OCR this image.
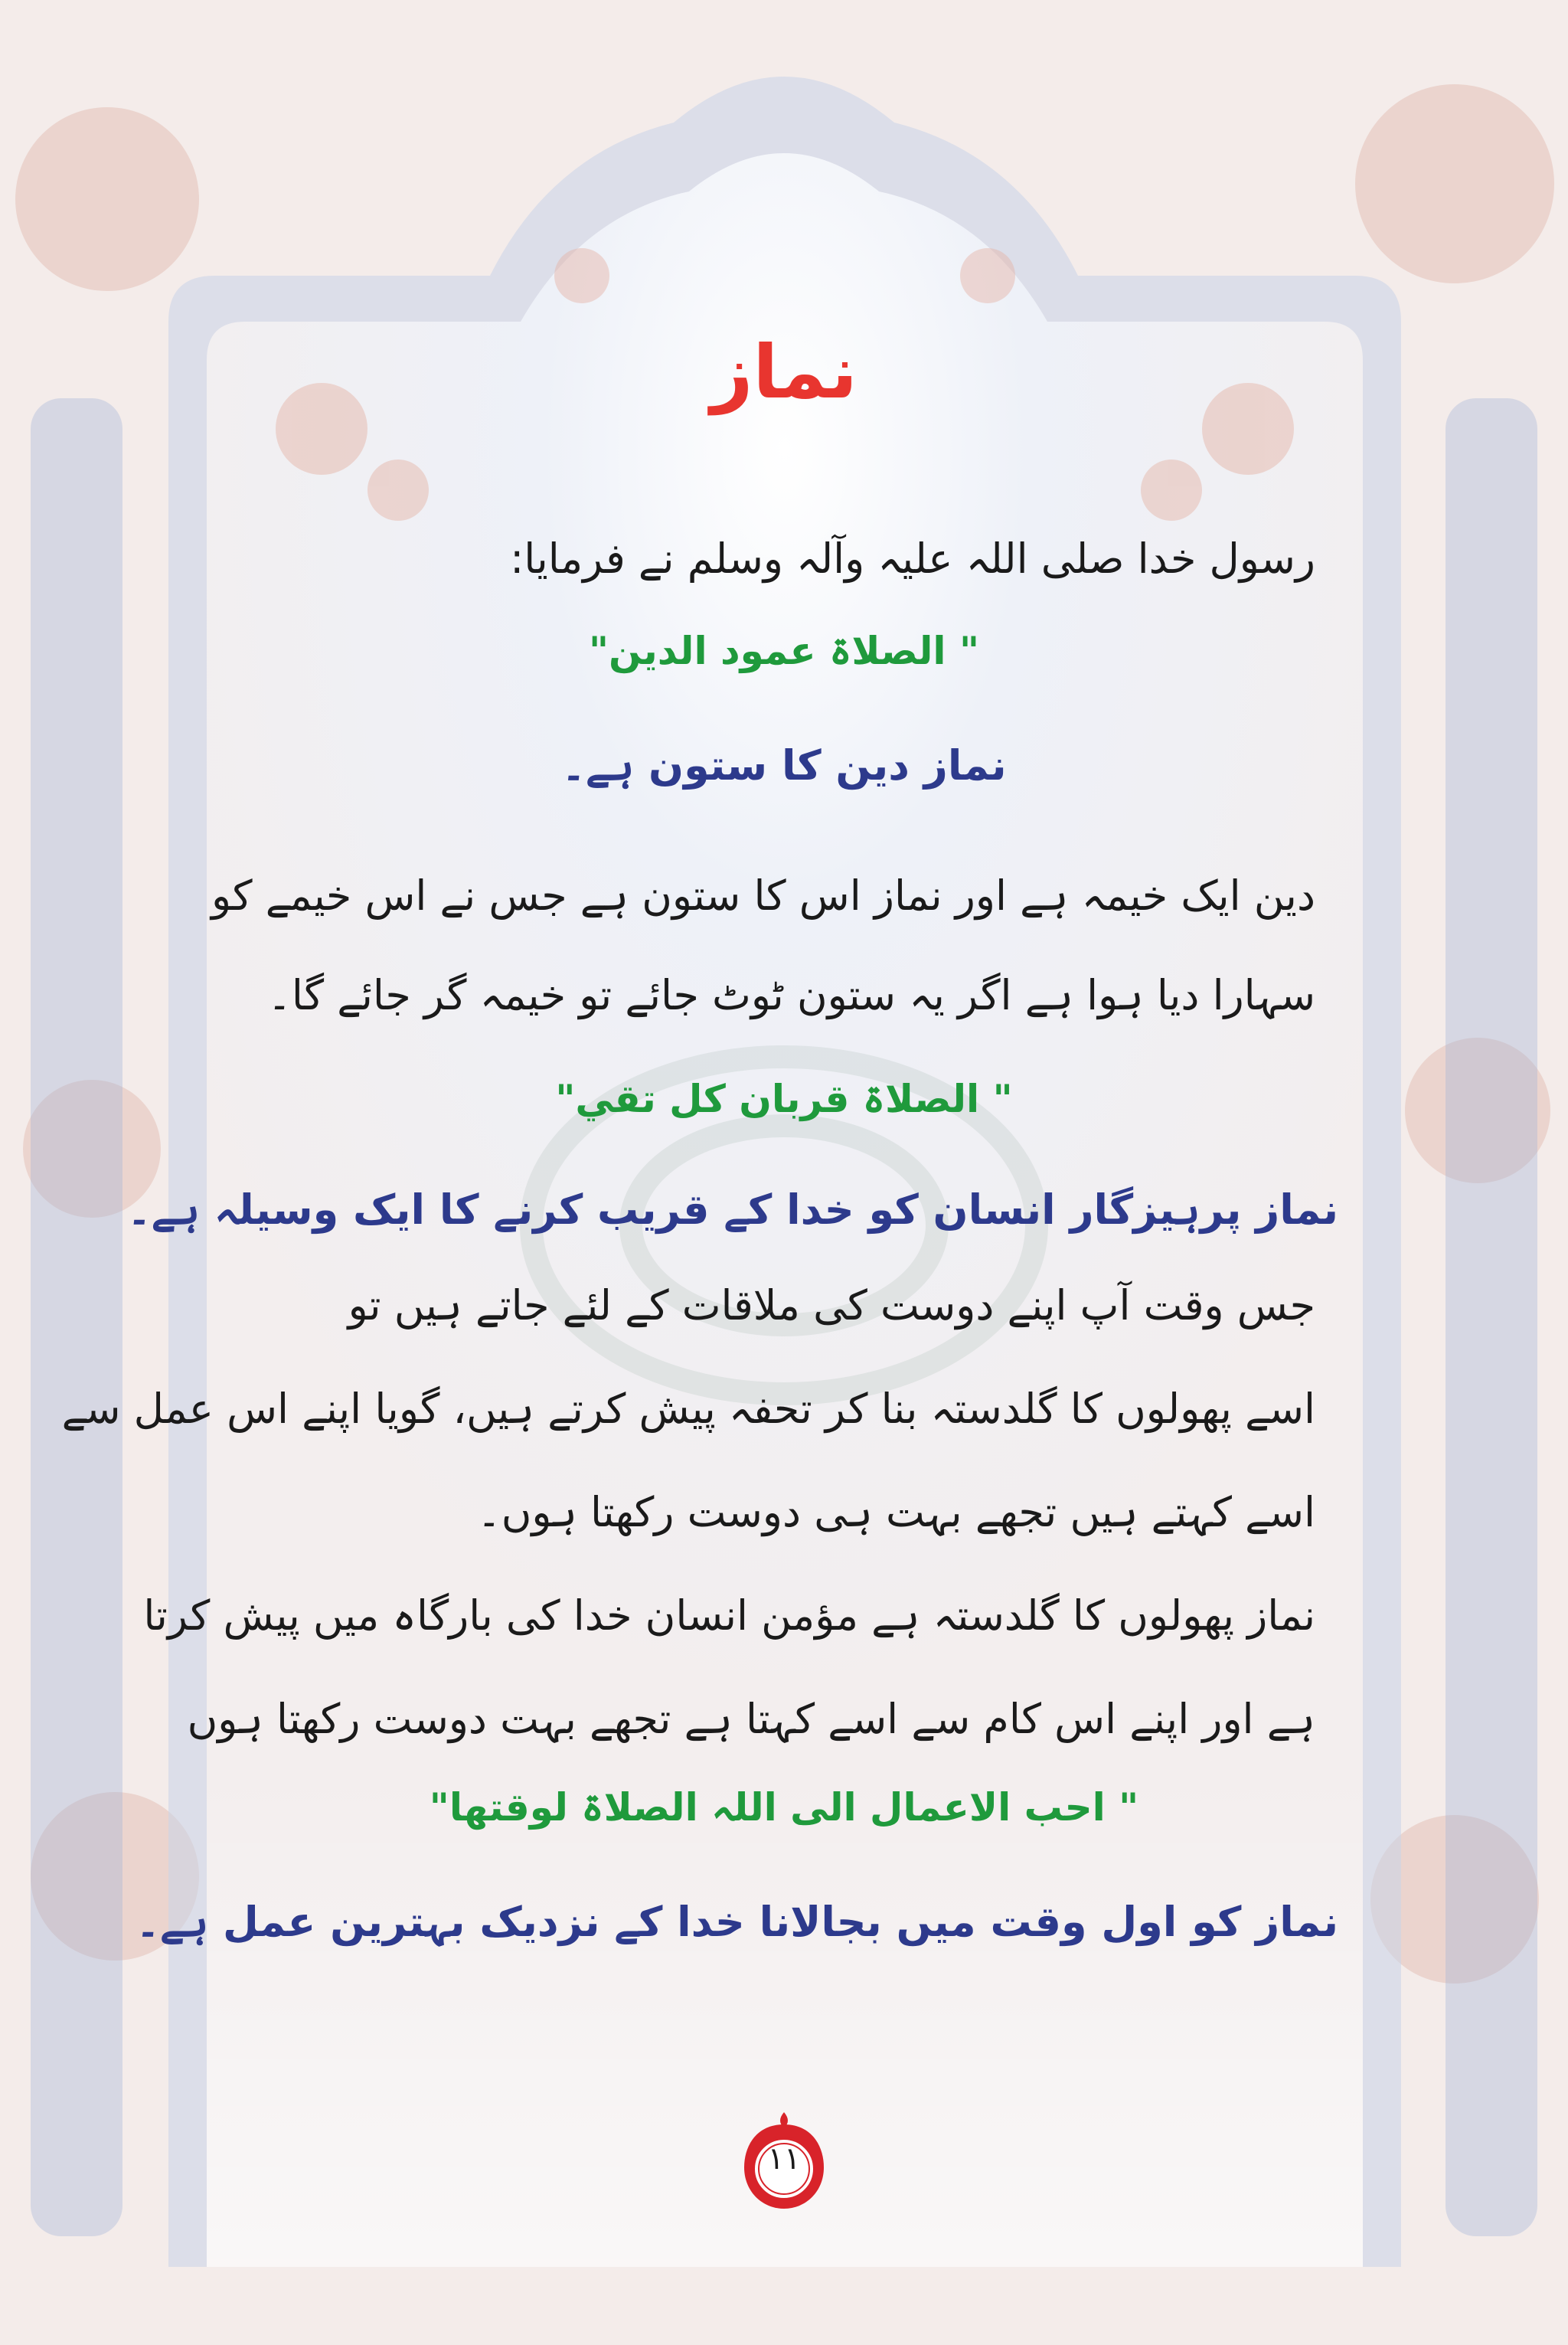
نماز
رسول خدا صلی اللہ علیہ وآلہ وسلم نے فرمایا:
" الصلاۃ عمود الدین"
نماز دین کا ستون ہے۔
دین ایک خیمہ ہے اور نماز اس کا ستون ہے جس نے اس خیمے کو
سہارا دیا ہوا ہے اگر یہ ستون ٹوٹ جائے تو خیمہ گر جائے گا۔
" الصلاۃ قربان کل تقي"
نماز پرہیزگار انسان کو خدا کے قریب کرنے کا ایک وسیلہ ہے۔
جس وقت آپ اپنے دوست کی ملاقات کے لئے جاتے ہیں تو
اسے پھولوں کا گلدستہ بنا کر تحفہ پیش کرتے ہیں، گویا اپنے اس عمل سے
اسے کہتے ہیں تجھے بہت ہی دوست رکھتا ہوں۔
نماز پھولوں کا گلدستہ ہے مؤمن انسان خدا کی بارگاہ میں پیش کرتا
ہے اور اپنے اس کام سے اسے کہتا ہے تجھے بہت دوست رکھتا ہوں
" احب الاعمال الی اللہ الصلاۃ لوقتھا"
نماز کو اول وقت میں بجالانا خدا کے نزدیک بہترین عمل ہے۔
۱۱
